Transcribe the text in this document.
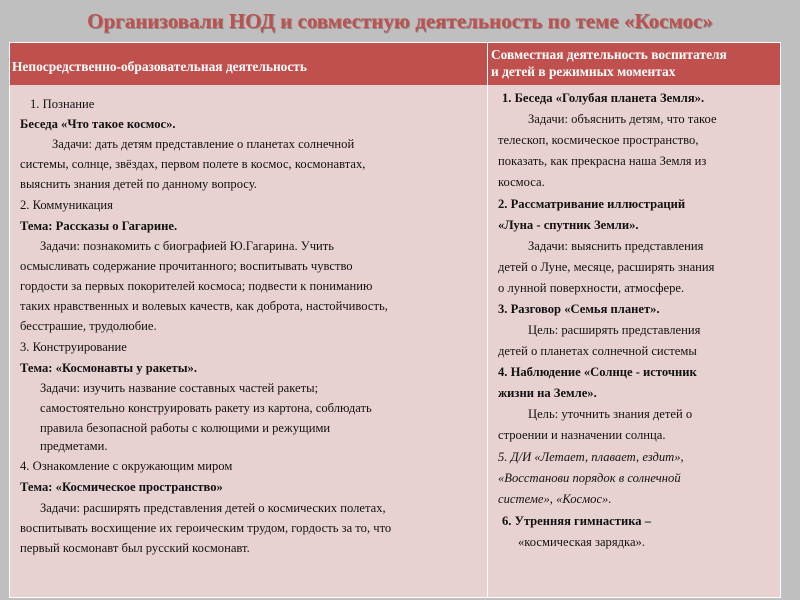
Организовали НОД и совместную деятельность по теме «Космос»
Непосредственно-образовательная деятельность
Совместная деятельность воспитателя
и детей в режимных моментах
1. Познание
Беседа «Что такое космос».
Задачи: дать детям представление о планетах солнечной
системы, солнце, звёздах, первом полете в космос, космонавтах,
выяснить знания детей по данному вопросу.
2. Коммуникация
Тема: Рассказы о Гагарине.
Задачи: познакомить с биографией Ю.Гагарина. Учить
осмысливать содержание прочитанного; воспитывать чувство
гордости за первых покорителей космоса; подвести к пониманию
таких нравственных и волевых качеств, как доброта, настойчивость,
бесстрашие, трудолюбие.
3. Конструирование
Тема: «Космонавты у ракеты».
Задачи: изучить название составных частей ракеты;
самостоятельно конструировать ракету из картона, соблюдать
правила безопасной работы с колющими и режущими
предметами.
4. Ознакомление с окружающим миром
Тема: «Космическое пространство»
Задачи: расширять представления детей о космических полетах,
воспитывать восхищение их героическим трудом, гордость за то, что
первый космонавт был русский космонавт.
1. Беседа «Голубая планета Земля».
Задачи: объяснить детям, что такое
телескоп, космическое пространство,
показать, как прекрасна наша Земля из
космоса.
2. Рассматривание иллюстраций
«Луна - спутник Земли».
Задачи: выяснить представления
детей о Луне, месяце, расширять знания
о лунной поверхности, атмосфере.
3. Разговор «Семья планет».
Цель: расширять представления
детей о планетах солнечной системы
4. Наблюдение «Солнце - источник
жизни на Земле».
Цель: уточнить знания детей о
строении и назначении солнца.
5. Д/И «Летает, плавает, ездит»,
«Восстанови порядок в солнечной
системе», «Космос».
6. Утренняя гимнастика –
«космическая зарядка».
